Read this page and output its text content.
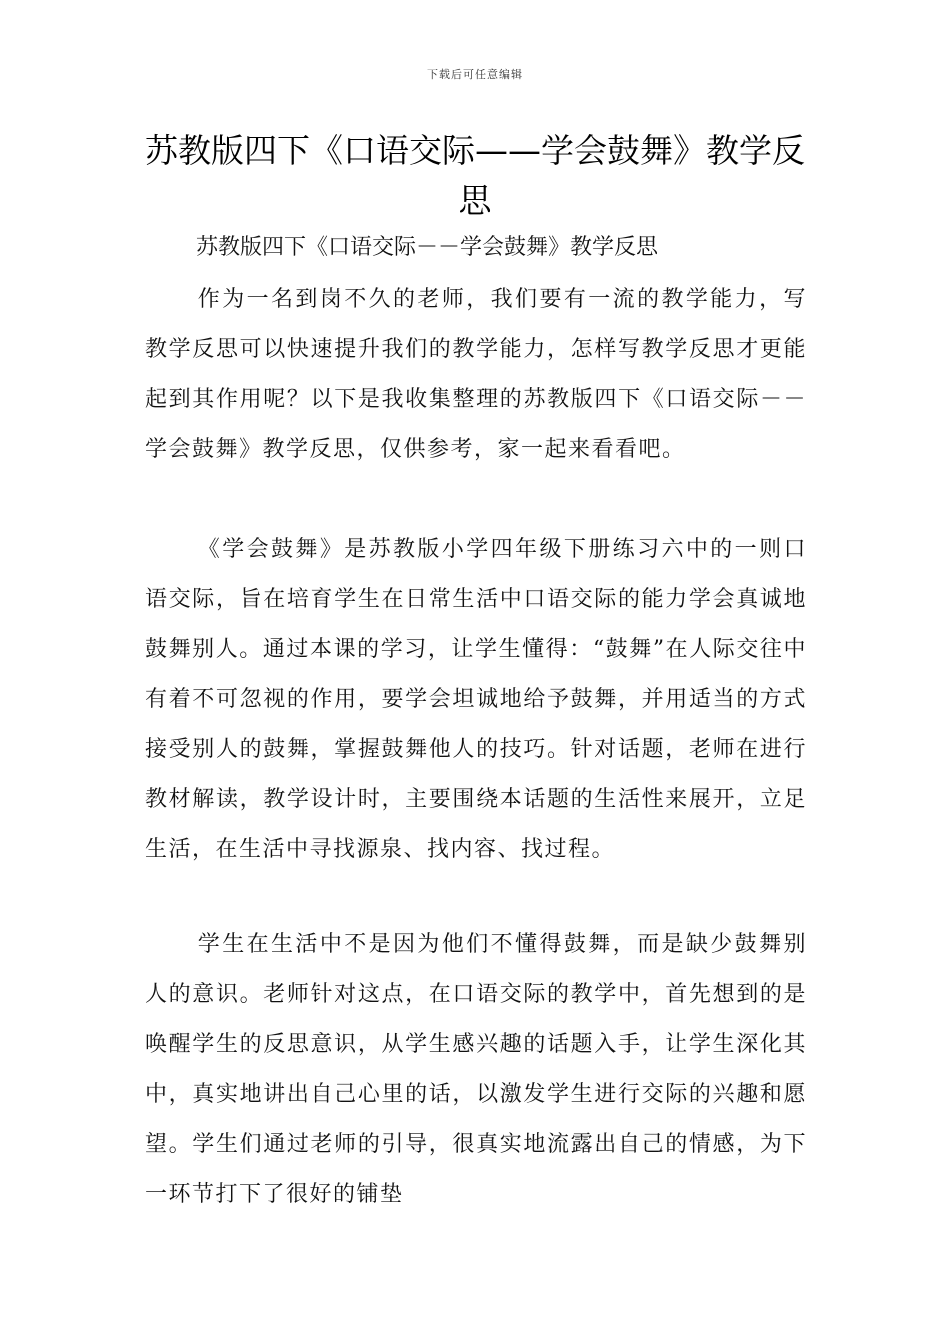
下载后可任意编辑
苏教版四下《口语交际——学会鼓舞》教学反思

苏教版四下《口语交际－－学会鼓舞》教学反思

作为一名到岗不久的老师，我们要有一流的教学能力，写教学反思可以快速提升我们的教学能力，怎样写教学反思才更能起到其作用呢？以下是我收集整理的苏教版四下《口语交际－－学会鼓舞》教学反思，仅供参考，家一起来看看吧。

《学会鼓舞》是苏教版小学四年级下册练习六中的一则口语交际，旨在培育学生在日常生活中口语交际的能力学会真诚地鼓舞别人。通过本课的学习，让学生懂得：“鼓舞”在人际交往中有着不可忽视的作用，要学会坦诚地给予鼓舞，并用适当的方式接受别人的鼓舞，掌握鼓舞他人的技巧。针对话题，老师在进行教材解读，教学设计时，主要围绕本话题的生活性来展开，立足生活，在生活中寻找源泉、找内容、找过程。

学生在生活中不是因为他们不懂得鼓舞，而是缺少鼓舞别人的意识。老师针对这点，在口语交际的教学中，首先想到的是唤醒学生的反思意识，从学生感兴趣的话题入手，让学生深化其中，真实地讲出自己心里的话，以激发学生进行交际的兴趣和愿望。学生们通过老师的引导，很真实地流露出自己的情感，为下一环节打下了很好的铺垫
